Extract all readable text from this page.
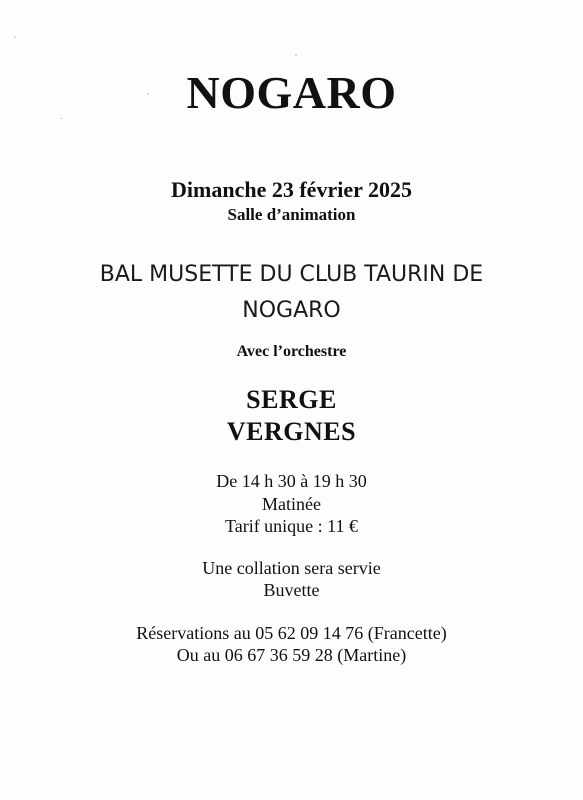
NOGARO
Dimanche 23 février 2025
Salle d’animation
BAL MUSETTE DU CLUB TAURIN DE
NOGARO
Avec l’orchestre
SERGE
VERGNES
De 14 h 30 à 19 h 30
Matinée
Tarif unique : 11 €
Une collation sera servie
Buvette
Réservations au 05 62 09 14 76 (Francette)
Ou au 06 67 36 59 28 (Martine)
